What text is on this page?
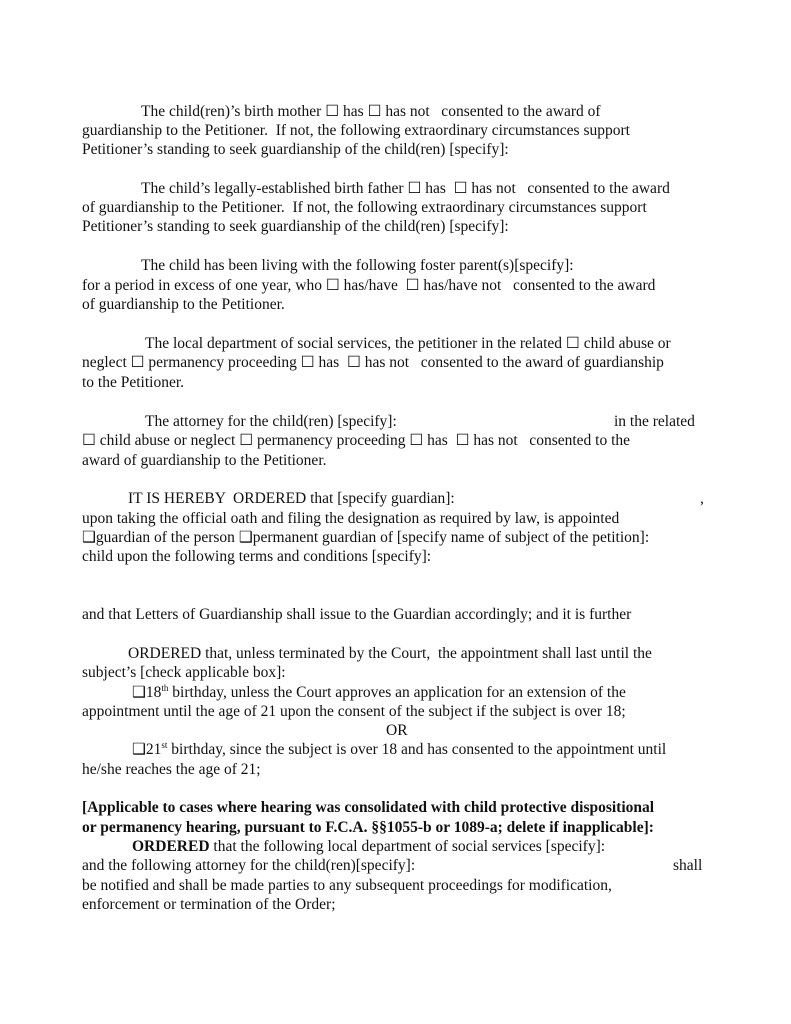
The child(ren)’s birth mother ☐ has ☐ has not   consented to the award of
guardianship to the Petitioner.  If not, the following extraordinary circumstances support
Petitioner’s standing to seek guardianship of the child(ren) [specify]:
The child’s legally-established birth father ☐ has  ☐ has not   consented to the award
of guardianship to the Petitioner.  If not, the following extraordinary circumstances support
Petitioner’s standing to seek guardianship of the child(ren) [specify]:
The child has been living with the following foster parent(s)[specify]:
for a period in excess of one year, who ☐ has/have  ☐ has/have not   consented to the award
of guardianship to the Petitioner.
The local department of social services, the petitioner in the related ☐ child abuse or
neglect ☐ permanency proceeding ☐ has  ☐ has not   consented to the award of guardianship
to the Petitioner.
The attorney for the child(ren) [specify]:	in the related
☐ child abuse or neglect ☐ permanency proceeding ☐ has  ☐ has not   consented to the
award of guardianship to the Petitioner.
IT IS HEREBY  ORDERED that [specify guardian]:	,
upon taking the official oath and filing the designation as required by law, is appointed
❑guardian of the person ❑permanent guardian of [specify name of subject of the petition]:
child upon the following terms and conditions [specify]:
and that Letters of Guardianship shall issue to the Guardian accordingly; and it is further
ORDERED that, unless terminated by the Court,  the appointment shall last until the
subject’s [check applicable box]:
❑18th birthday, unless the Court approves an application for an extension of the
appointment until the age of 21 upon the consent of the subject if the subject is over 18;
OR
❑21st birthday, since the subject is over 18 and has consented to the appointment until
he/she reaches the age of 21;
[Applicable to cases where hearing was consolidated with child protective dispositional
or permanency hearing, pursuant to F.C.A. §§1055-b or 1089-a; delete if inapplicable]:
ORDERED that the following local department of social services [specify]:
and the following attorney for the child(ren)[specify]:	shall
be notified and shall be made parties to any subsequent proceedings for modification,
enforcement or termination of the Order;
